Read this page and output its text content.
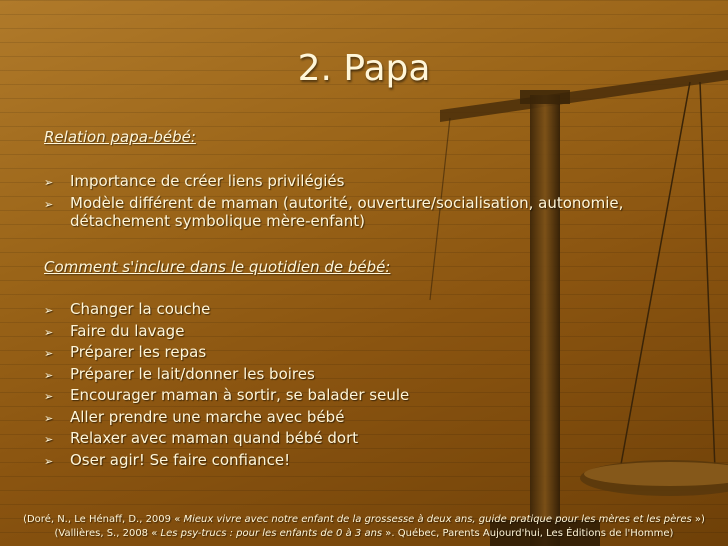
2. Papa
Relation papa-bébé:
➢ Importance de créer liens privilégiés
➢ Modèle différent de maman (autorité, ouverture/socialisation, autonomie, détachement symbolique mère-enfant)
Comment s'inclure dans le quotidien de bébé:
➢ Changer la couche
➢ Faire du lavage
➢ Préparer les repas
➢ Préparer le lait/donner les boires
➢ Encourager maman à sortir, se balader seule
➢ Aller prendre une marche avec bébé
➢ Relaxer avec maman quand bébé dort
➢ Oser agir! Se faire confiance!
(Doré, N., Le Hénaff, D., 2009 « Mieux vivre avec notre enfant de la grossesse à deux ans, guide pratique pour les mères et les pères »)
(Vallières, S., 2008 « Les psy-trucs : pour les enfants de 0 à 3 ans ». Québec, Parents Aujourd'hui, Les Éditions de l'Homme)
